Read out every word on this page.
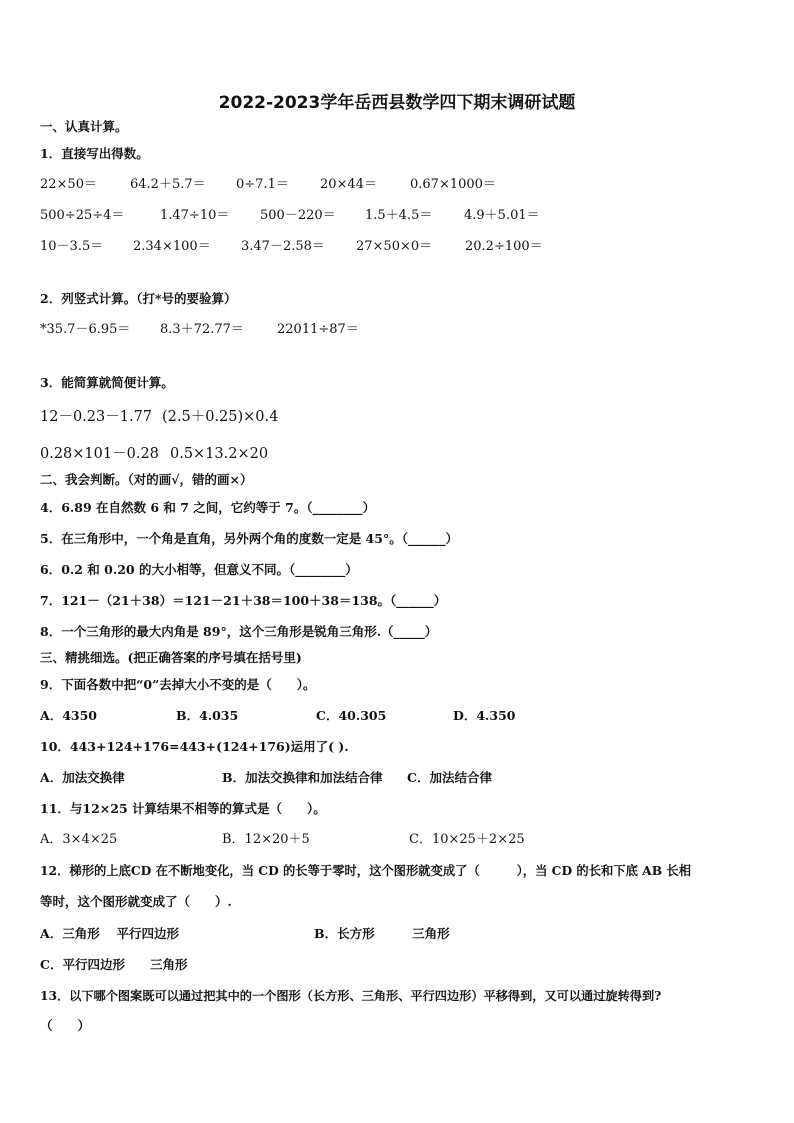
2022-2023学年岳西县数学四下期末调研试题
一、认真计算。
1．直接写出得数。
22×50＝	64.2＋5.7＝ 0÷7.1＝ 20×44＝	0.67×1000＝
500÷25÷4＝	1.47÷10＝ 500－220＝ 1.5＋4.5＝ 4.9＋5.01＝
10－3.5＝ 2.34×100＝ 3.47－2.58＝ 27×50×0＝	20.2÷100＝
2．列竖式计算。（打*号的要验算）
*35.7－6.95＝ 8.3＋72.77＝	22011÷87＝
3．能简算就简便计算。
12－0.23－1.77 (2.5＋0.25)×0.4
0.28×101－0.28 0.5×13.2×20
二、我会判断。（对的画√，错的画×）
4．6.89 在自然数 6 和 7 之间，它约等于 7。（________）
5．在三角形中，一个角是直角，另外两个角的度数一定是 45°。（______）
6．0.2 和 0.20 的大小相等，但意义不同。（________）
7．121－（21＋38）＝121－21＋38＝100＋38＝138。（______）
8．一个三角形的最大内角是 89°，这个三角形是锐角三角形.（_____）
三、精挑细选。(把正确答案的序号填在括号里)
9．下面各数中把“0”去掉大小不变的是（　　）。
A．4350	B．4.035	C．40.305	D．4.350
10．443+124+176=443+(124+176)运用了( ).
A．加法交换律	B．加法交换律和加法结合律 C．加法结合律
11．与12×25 计算结果不相等的算式是（　　）。
A．3×4×25	B．12×20＋5	C．10×25＋2×25
12．梯形的上底CD 在不断地变化，当 CD 的长等于零时，这个图形就变成了（　　　），当 CD 的长和下底 AB 长相
等时，这个图形就变成了（　　）.
A．三角形　 平行四边形	B．长方形　　　三角形
C．平行四边形　　三角形
13．以下哪个图案既可以通过把其中的一个图形（长方形、三角形、平行四边形）平移得到，又可以通过旋转得到?
（　　）
